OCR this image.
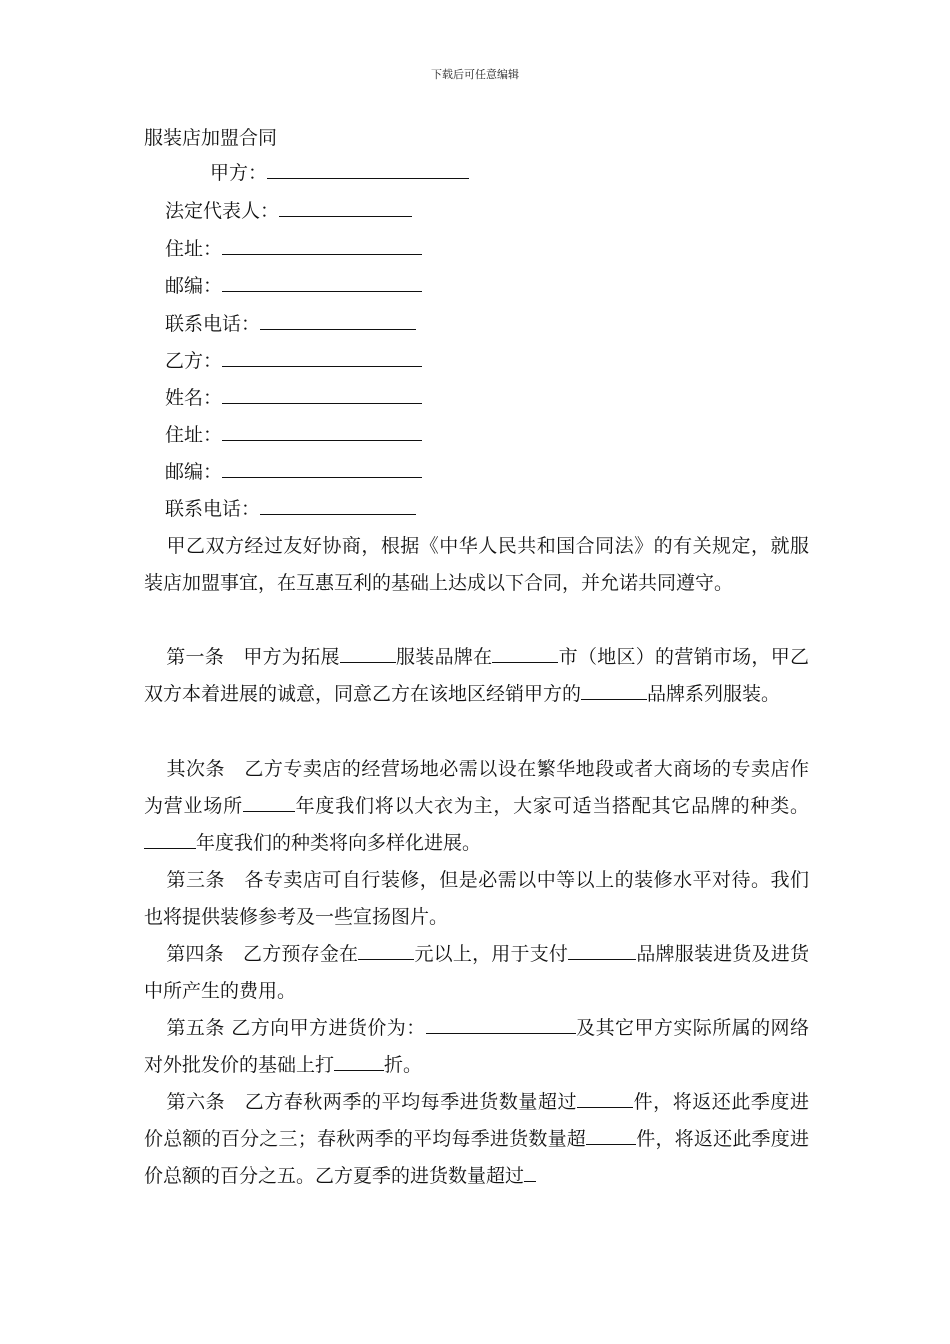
下载后可任意编辑
服装店加盟合同
甲方：
法定代表人：
住址：
邮编：
联系电话：
乙方：
姓名：
住址：
邮编：
联系电话：

甲乙双方经过友好协商，根据《中华人民共和国合同法》的有关规定，就服装店加盟事宜，在互惠互利的基础上达成以下合同，并允诺共同遵守。

第一条　甲方为拓展	服装品牌在	市（地区）的营销市场，甲乙双方本着进展的诚意，同意乙方在该地区经销甲方的	品牌系列服装。

其次条　乙方专卖店的经营场地必需以设在繁华地段或者大商场的专卖店作为营业场所	年度我们将以大衣为主，大家可适当搭配其它品牌的种类。年度我们的种类将向多样化进展。

第三条　各专卖店可自行装修，但是必需以中等以上的装修水平对待。我们也将提供装修参考及一些宣扬图片。

第四条　乙方预存金在	元以上，用于支付	品牌服装进货及进货中所产生的费用。

第五条 乙方向甲方进货价为：	及其它甲方实际所属的网络对外批发价的基础上打	折。

第六条　乙方春秋两季的平均每季进货数量超过	件，将返还此季度进价总额的百分之三；春秋两季的平均每季进货数量超	件，将返还此季度进价总额的百分之五。乙方夏季的进货数量超过
